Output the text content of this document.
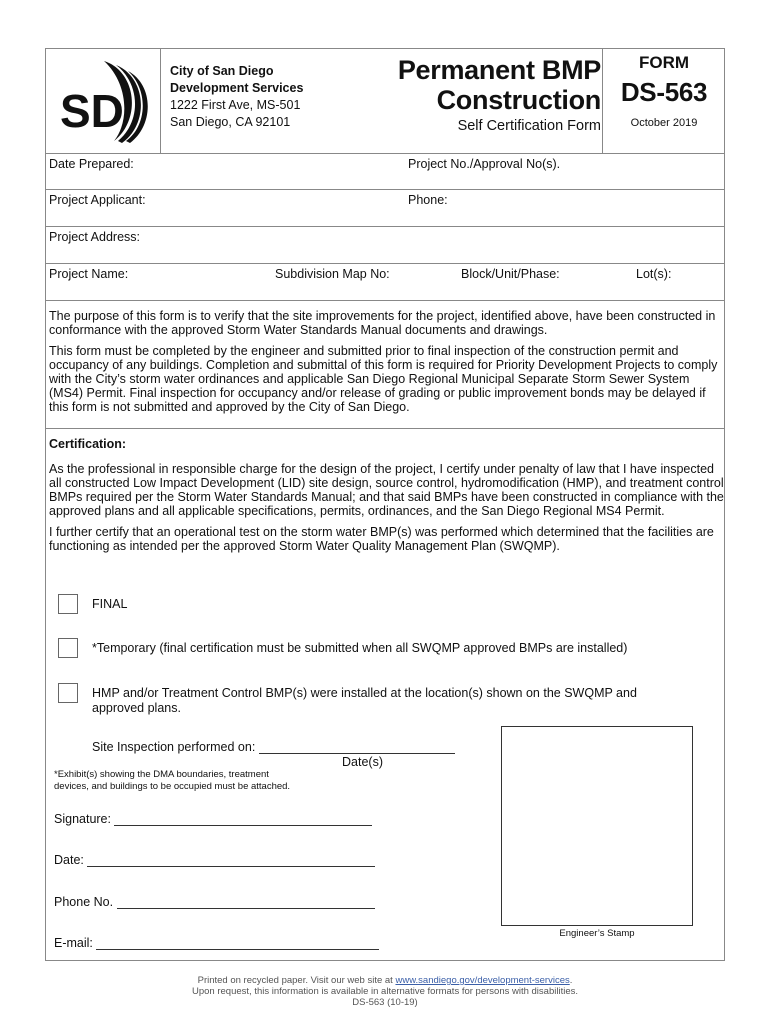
SD
City of San Diego
Development Services
1222 First Ave, MS-501
San Diego, CA 92101
Permanent BMP
Construction
Self Certification Form
FORM
DS-563
October 2019
Date Prepared:	Project No./Approval No(s).
Project Applicant:	Phone:
Project Address:
Project Name:	Subdivision Map No:	Block/Unit/Phase:	Lot(s):

The purpose of this form is to verify that the site improvements for the project, identified above, have been constructed in conformance with the approved Storm Water Standards Manual documents and drawings.

This form must be completed by the engineer and submitted prior to final inspection of the construction permit and occupancy of any buildings. Completion and submittal of this form is required for Priority Development Projects to comply with the City’s storm water ordinances and applicable San Diego Regional Municipal Separate Storm Sewer System (MS4) Permit. Final inspection for occupancy and/or release of grading or public improvement bonds may be delayed if this form is not submitted and approved by the City of San Diego.

Certification:

As the professional in responsible charge for the design of the project, I certify under penalty of law that I have inspected all constructed Low Impact Development (LID) site design, source control, hydromodification (HMP), and treatment control BMPs required per the Storm Water Standards Manual; and that said BMPs have been constructed in compliance with the approved plans and all applicable specifications, permits, ordinances, and the San Diego Regional MS4 Permit.

I further certify that an operational test on the storm water BMP(s) was performed which determined that the facilities are functioning as intended per the approved Storm Water Quality Management Plan (SWQMP).

FINAL
*Temporary (final certification must be submitted when all SWQMP approved BMPs are installed)
HMP and/or Treatment Control BMP(s) were installed at the location(s) shown on the SWQMP and approved plans.
Site Inspection performed on:
Date(s)
*Exhibit(s) showing the DMA boundaries, treatment
devices, and buildings to be occupied must be attached.
Signature:
Date:
Phone No.
E-mail:
Engineer’s Stamp
Printed on recycled paper. Visit our web site at www.sandiego.gov/development-services.
Upon request, this information is available in alternative formats for persons with disabilities.
DS-563 (10-19)
